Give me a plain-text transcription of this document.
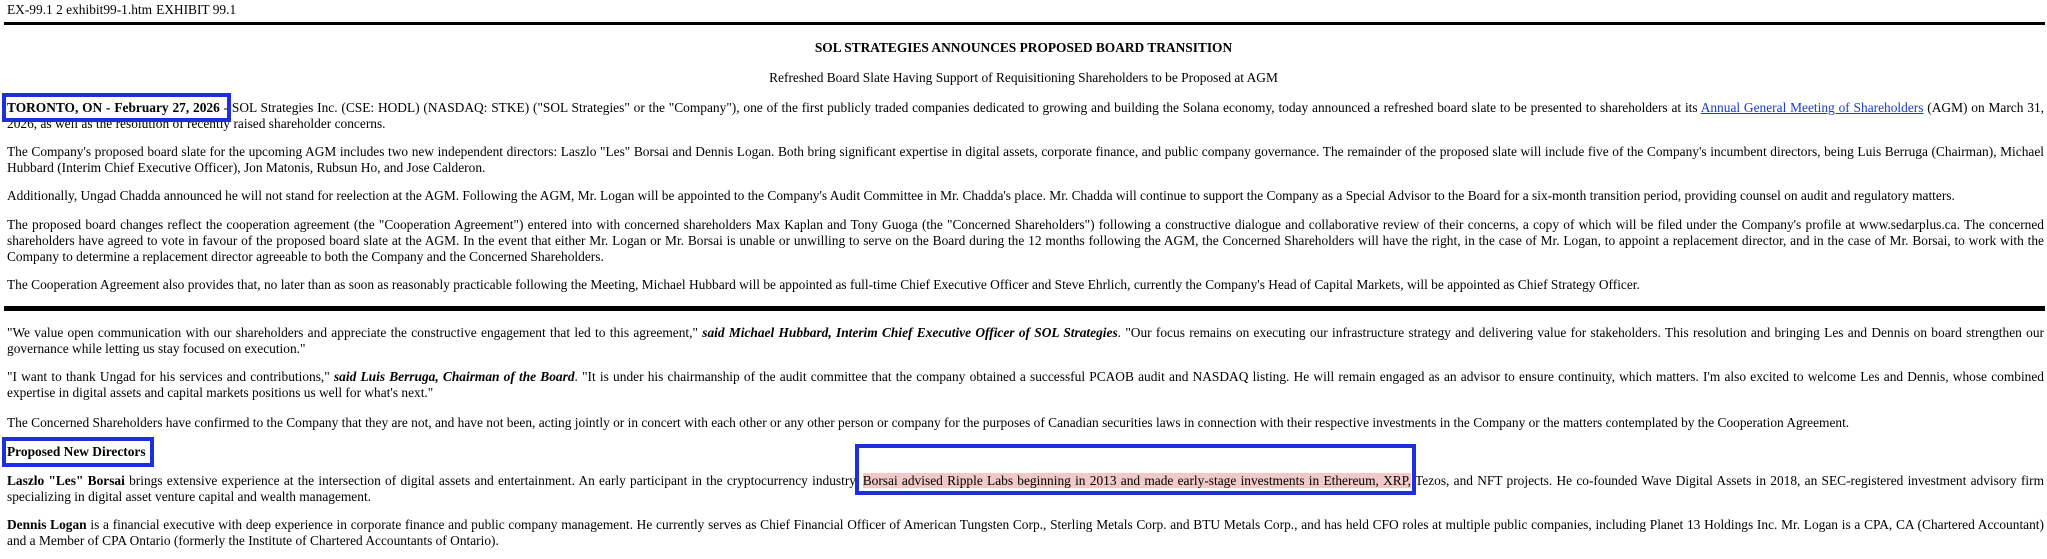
EX-99.1 2 exhibit99-1.htm EXHIBIT 99.1
SOL STRATEGIES ANNOUNCES PROPOSED BOARD TRANSITION
Refreshed Board Slate Having Support of Requisitioning Shareholders to be Proposed at AGM

TORONTO, ON - February 27, 2026 - SOL Strategies Inc. (CSE: HODL) (NASDAQ: STKE) ("SOL Strategies" or the "Company"), one of the first publicly traded companies dedicated to growing and building the Solana economy, today announced a refreshed board slate to be presented to shareholders at its Annual General Meeting of Shareholders (AGM) on March 31, 2026, as well as the resolution of recently raised shareholder concerns.

The Company's proposed board slate for the upcoming AGM includes two new independent directors: Laszlo "Les" Borsai and Dennis Logan. Both bring significant expertise in digital assets, corporate finance, and public company governance. The remainder of the proposed slate will include five of the Company's incumbent directors, being Luis Berruga (Chairman), Michael Hubbard (Interim Chief Executive Officer), Jon Matonis, Rubsun Ho, and Jose Calderon.

Additionally, Ungad Chadda announced he will not stand for reelection at the AGM. Following the AGM, Mr. Logan will be appointed to the Company's Audit Committee in Mr. Chadda's place. Mr. Chadda will continue to support the Company as a Special Advisor to the Board for a six-month transition period, providing counsel on audit and regulatory matters.

The proposed board changes reflect the cooperation agreement (the "Cooperation Agreement") entered into with concerned shareholders Max Kaplan and Tony Guoga (the "Concerned Shareholders") following a constructive dialogue and collaborative review of their concerns, a copy of which will be filed under the Company's profile at www.sedarplus.ca. The concerned shareholders have agreed to vote in favour of the proposed board slate at the AGM. In the event that either Mr. Logan or Mr. Borsai is unable or unwilling to serve on the Board during the 12 months following the AGM, the Concerned Shareholders will have the right, in the case of Mr. Logan, to appoint a replacement director, and in the case of Mr. Borsai, to work with the Company to determine a replacement director agreeable to both the Company and the Concerned Shareholders.

The Cooperation Agreement also provides that, no later than as soon as reasonably practicable following the Meeting, Michael Hubbard will be appointed as full-time Chief Executive Officer and Steve Ehrlich, currently the Company's Head of Capital Markets, will be appointed as Chief Strategy Officer.

"We value open communication with our shareholders and appreciate the constructive engagement that led to this agreement," said Michael Hubbard, Interim Chief Executive Officer of SOL Strategies. "Our focus remains on executing our infrastructure strategy and delivering value for stakeholders. This resolution and bringing Les and Dennis on board strengthen our governance while letting us stay focused on execution."

"I want to thank Ungad for his services and contributions," said Luis Berruga, Chairman of the Board. "It is under his chairmanship of the audit committee that the company obtained a successful PCAOB audit and NASDAQ listing. He will remain engaged as an advisor to ensure continuity, which matters. I'm also excited to welcome Les and Dennis, whose combined expertise in digital assets and capital markets positions us well for what's next."

The Concerned Shareholders have confirmed to the Company that they are not, and have not been, acting jointly or in concert with each other or any other person or company for the purposes of Canadian securities laws in connection with their respective investments in the Company or the matters contemplated by the Cooperation Agreement.

Proposed New Directors

Laszlo "Les" Borsai brings extensive experience at the intersection of digital assets and entertainment. An early participant in the cryptocurrency industry, Borsai advised Ripple Labs beginning in 2013 and made early-stage investments in Ethereum, XRP, Tezos, and NFT projects. He co-founded Wave Digital Assets in 2018, an SEC-registered investment advisory firm specializing in digital asset venture capital and wealth management.

Dennis Logan is a financial executive with deep experience in corporate finance and public company management. He currently serves as Chief Financial Officer of American Tungsten Corp., Sterling Metals Corp. and BTU Metals Corp., and has held CFO roles at multiple public companies, including Planet 13 Holdings Inc. Mr. Logan is a CPA, CA (Chartered Accountant) and a Member of CPA Ontario (formerly the Institute of Chartered Accountants of Ontario).
